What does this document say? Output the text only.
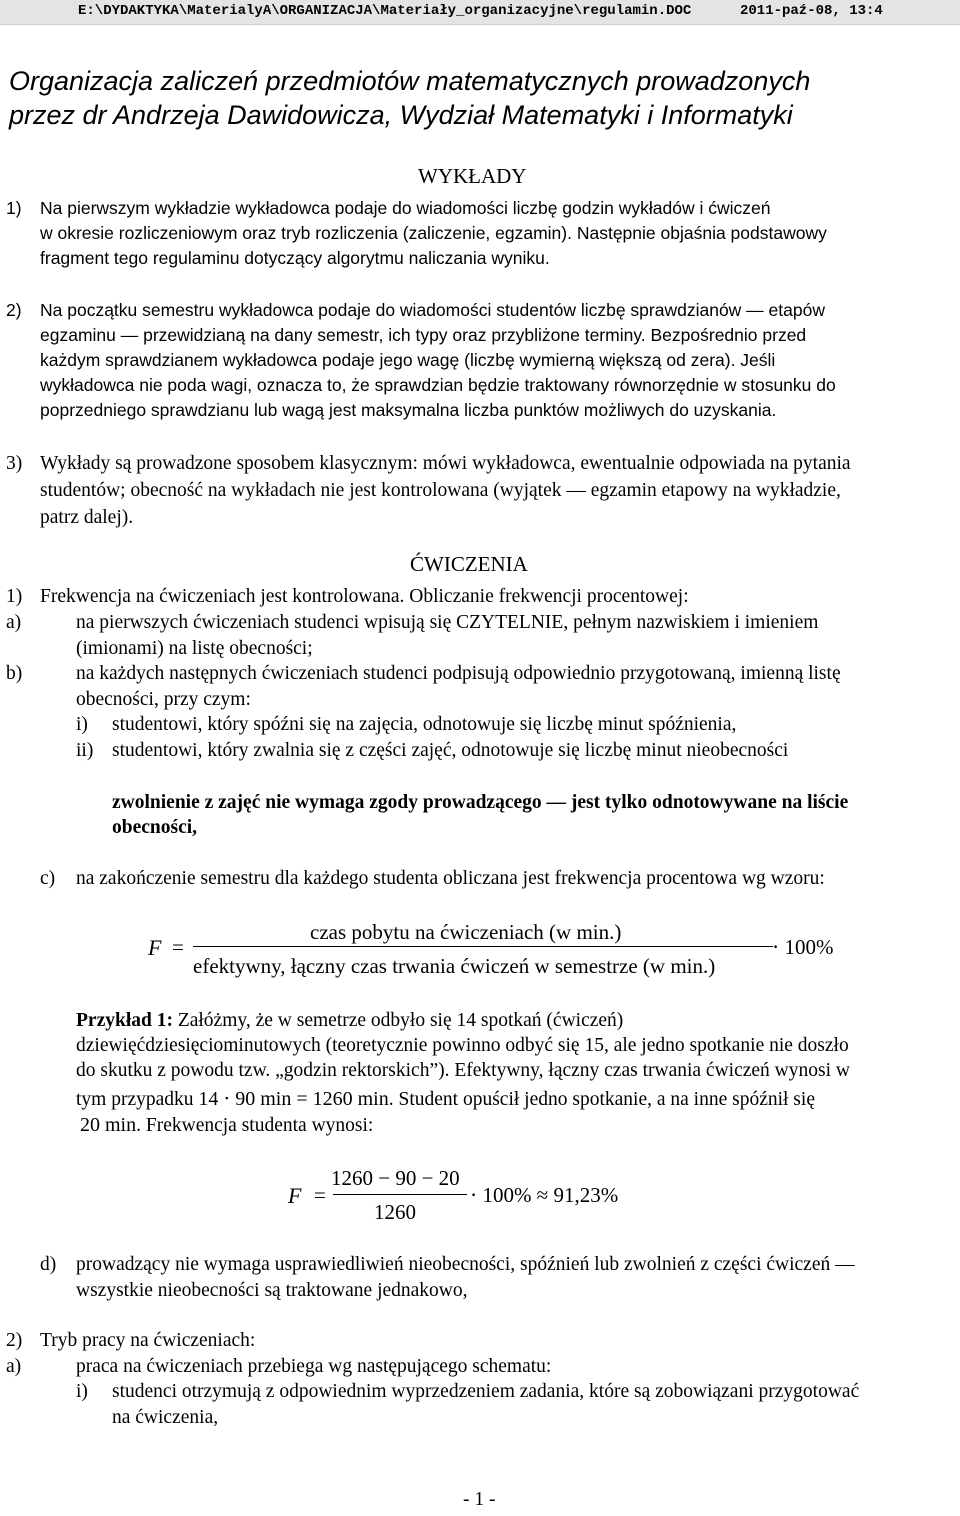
E:\DYDAKTYKA\MaterialyA\ORGANIZACJA\Materiały_organizacyjne\regulamin.DOC	2011-paź-08, 13:4
Organizacja zaliczeń przedmiotów matematycznych prowadzonych
przez dr Andrzeja Dawidowicza, Wydział Matematyki i Informatyki
WYKŁADY
1) Na pierwszym wykładzie wykładowca podaje do wiadomości liczbę godzin wykładów i ćwiczeń
w okresie rozliczeniowym oraz tryb rozliczenia (zaliczenie, egzamin). Następnie objaśnia podstawowy
fragment tego regulaminu dotyczący algorytmu naliczania wyniku.
2) Na początku semestru wykładowca podaje do wiadomości studentów liczbę sprawdzianów — etapów
egzaminu — przewidzianą na dany semestr, ich typy oraz przybliżone terminy. Bezpośrednio przed
każdym sprawdzianem wykładowca podaje jego wagę (liczbę wymierną większą od zera). Jeśli
wykładowca nie poda wagi, oznacza to, że sprawdzian będzie traktowany równorzędnie w stosunku do
poprzedniego sprawdzianu lub wagą jest maksymalna liczba punktów możliwych do uzyskania.
3) Wykłady są prowadzone sposobem klasycznym: mówi wykładowca, ewentualnie odpowiada na pytania
studentów; obecność na wykładach nie jest kontrolowana (wyjątek — egzamin etapowy na wykładzie,
patrz dalej).
ĆWICZENIA
1) Frekwencja na ćwiczeniach jest kontrolowana. Obliczanie frekwencji procentowej:
a)	na pierwszych ćwiczeniach studenci wpisują się CZYTELNIE, pełnym nazwiskiem i imieniem
(imionami) na listę obecności;
b)	na każdych następnych ćwiczeniach studenci podpisują odpowiednio przygotowaną, imienną listę
obecności, przy czym:
i) studentowi, który spóźni się na zajęcia, odnotowuje się liczbę minut spóźnienia,
ii) studentowi, który zwalnia się z części zajęć, odnotowuje się liczbę minut nieobecności
zwolnienie z zajęć nie wymaga zgody prowadzącego — jest tylko odnotowywane na liście
obecności,
c) na zakończenie semestru dla każdego studenta obliczana jest frekwencja procentowa wg wzoru:
F =
czas pobytu na ćwiczeniach (w min.)
efektywny, łączny czas trwania ćwiczeń w semestrze (w min.)
⋅ 100%
Przykład 1: Załóżmy, że w semetrze odbyło się 14 spotkań (ćwiczeń)
dziewięćdziesięciominutowych (teoretycznie powinno odbyć się 15, ale jedno spotkanie nie doszło
do skutku z powodu tzw. „godzin rektorskich”). Efektywny, łączny czas trwania ćwiczeń wynosi w
tym przypadku 14 ⋅ 90 min = 1260 min. Student opuścił jedno spotkanie, a na inne spóźnił się
20 min. Frekwencja studenta wynosi:
F =
1260 − 90 − 20
1260
⋅ 100% ≈ 91,23%
d) prowadzący nie wymaga usprawiedliwień nieobecności, spóźnień lub zwolnień z części ćwiczeń —
wszystkie nieobecności są traktowane jednakowo,
2) Tryb pracy na ćwiczeniach:
a)	praca na ćwiczeniach przebiega wg następującego schematu:
i) studenci otrzymują z odpowiednim wyprzedzeniem zadania, które są zobowiązani przygotować
na ćwiczenia,
- 1 -
